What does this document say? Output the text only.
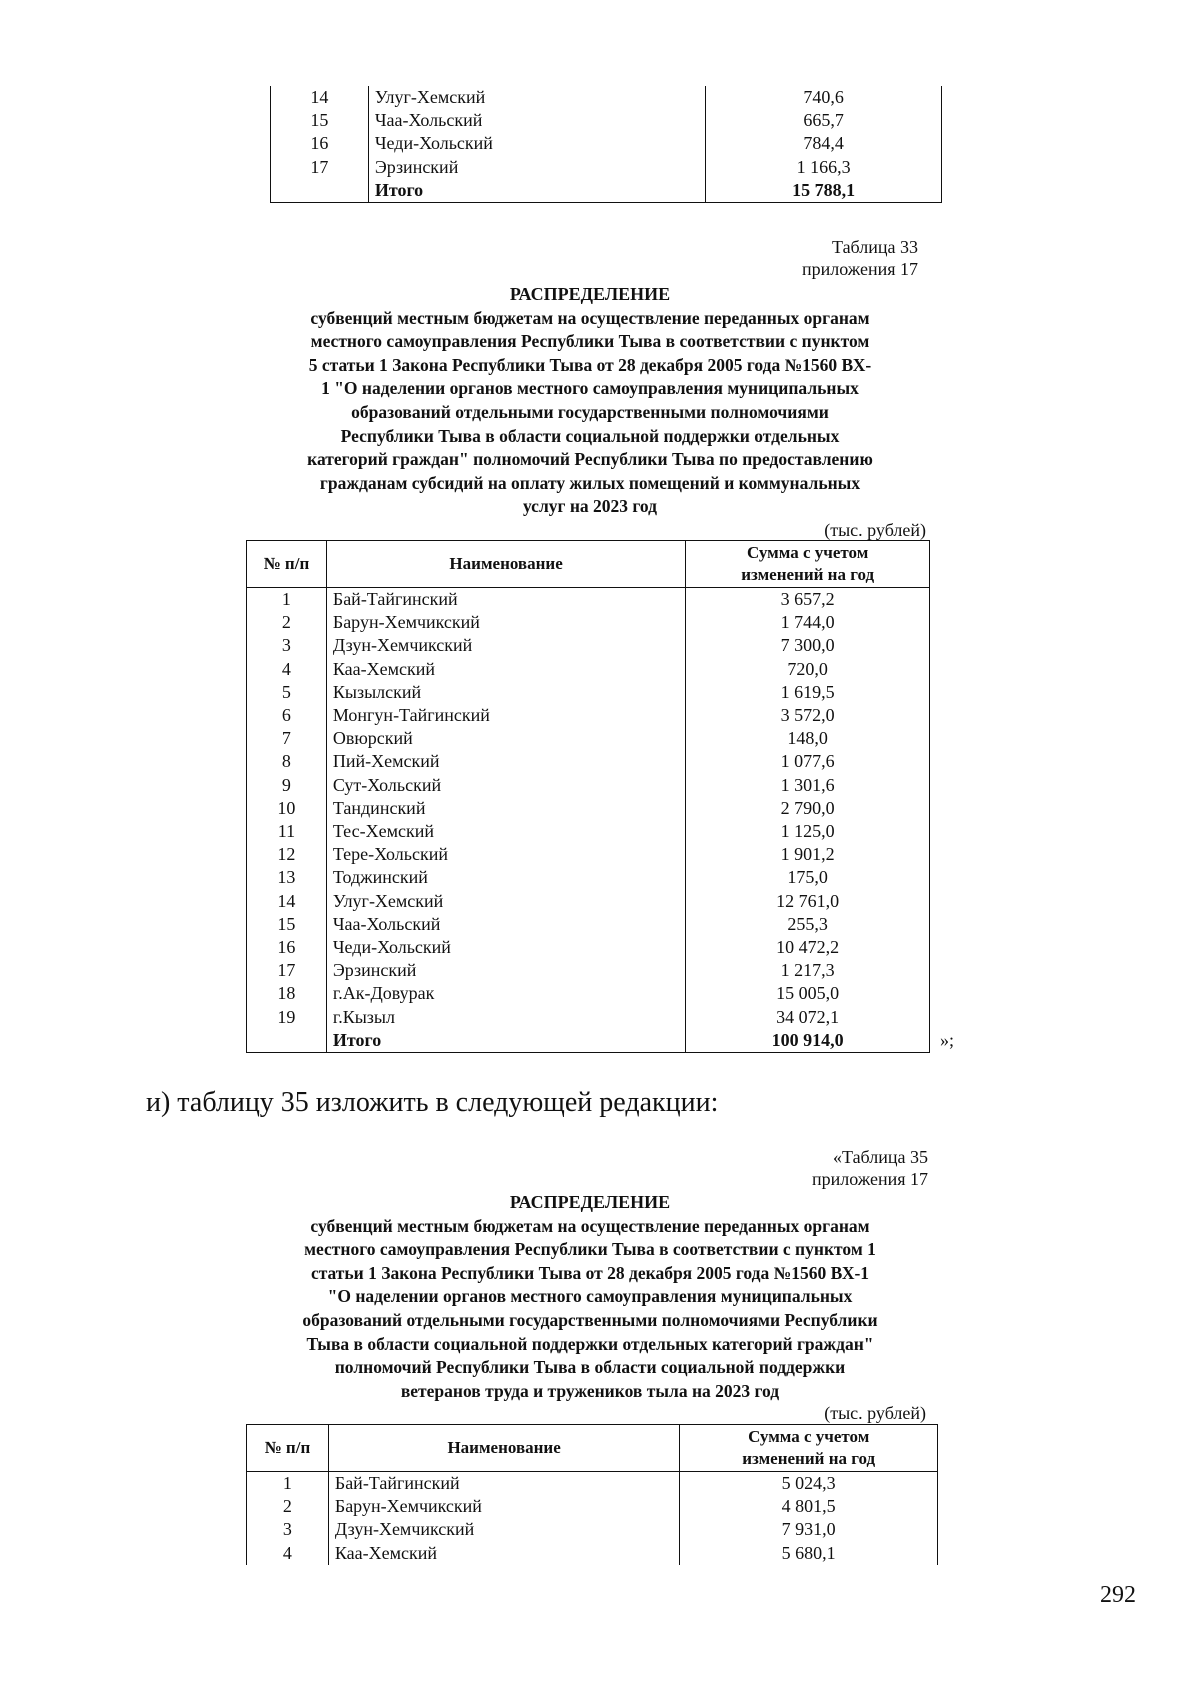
14	Улуг-Хемский	740,6
15	Чаа-Хольский	665,7
16	Чеди-Хольский	784,4
17	Эрзинский	1 166,3
	Итого	15 788,1
Таблица 33
приложения 17
РАСПРЕДЕЛЕНИЕ
субвенций местным бюджетам на осуществление переданных органам
местного самоуправления Республики Тыва в соответствии с пунктом
5 статьи 1 Закона Республики Тыва от 28 декабря 2005 года №1560 ВХ-
1 "О наделении органов местного самоуправления муниципальных
образований отдельными государственными полномочиями
Республики Тыва в области социальной поддержки отдельных
категорий граждан" полномочий Республики Тыва по предоставлению
гражданам субсидий на оплату жилых помещений и коммунальных
услуг на 2023 год
(тыс. рублей)
№ п/п	Наименование	Сумма с учетом
изменений на год

1	Бай-Тайгинский	3 657,2
2	Барун-Хемчикский	1 744,0
3	Дзун-Хемчикский	7 300,0
4	Каа-Хемский	720,0
5	Кызылский	1 619,5
6	Монгун-Тайгинский	3 572,0
7	Овюрский	148,0
8	Пий-Хемский	1 077,6
9	Сут-Хольский	1 301,6
10	Тандинский	2 790,0
11	Тес-Хемский	1 125,0
12	Тере-Хольский	1 901,2
13	Тоджинский	175,0
14	Улуг-Хемский	12 761,0
15	Чаа-Хольский	255,3
16	Чеди-Хольский	10 472,2
17	Эрзинский	1 217,3
18	г.Ак-Довурак	15 005,0
19	г.Кызыл	34 072,1
	Итого	100 914,0	»;
и) таблицу 35 изложить в следующей редакции:
«Таблица 35
приложения 17
РАСПРЕДЕЛЕНИЕ
субвенций местным бюджетам на осуществление переданных органам
местного самоуправления Республики Тыва в соответствии с пунктом 1
статьи 1 Закона Республики Тыва от 28 декабря 2005 года №1560 ВХ-1
"О наделении органов местного самоуправления муниципальных
образований отдельными государственными полномочиями Республики
Тыва в области социальной поддержки отдельных категорий граждан"
полномочий Республики Тыва в области социальной поддержки
ветеранов труда и тружеников тыла на 2023 год
(тыс. рублей)
№ п/п	Наименование	Сумма с учетом
изменений на год

1	Бай-Тайгинский	5 024,3
2	Барун-Хемчикский	4 801,5
3	Дзун-Хемчикский	7 931,0
4	Каа-Хемский	5 680,1
292
